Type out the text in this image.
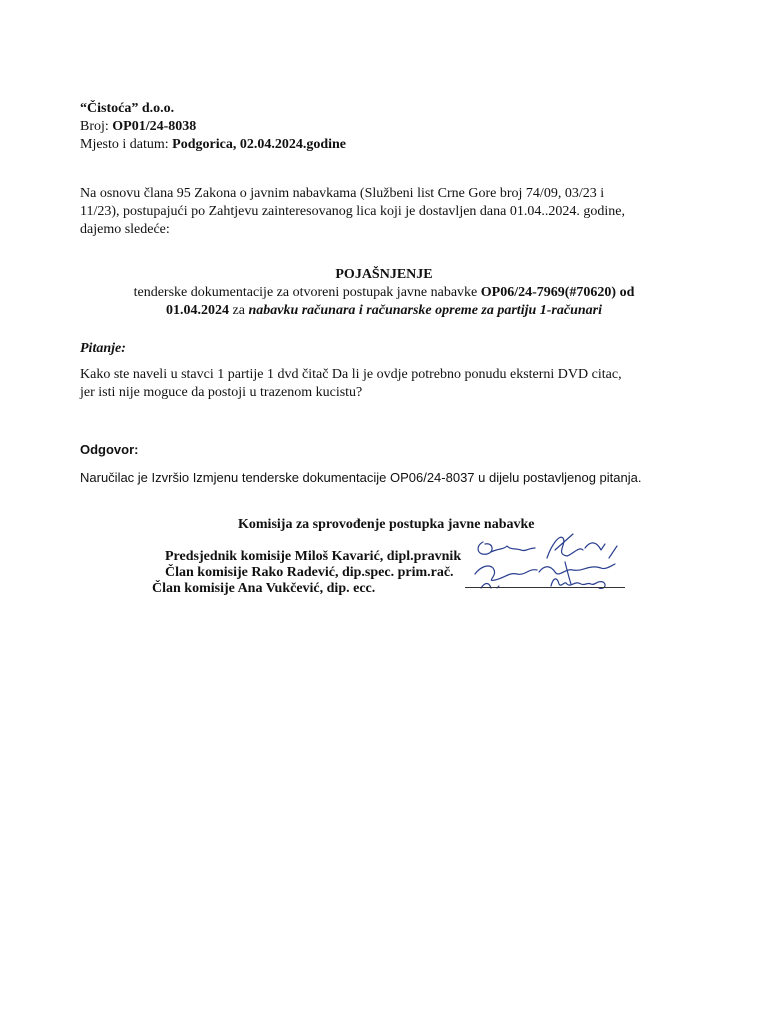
“Čistoća” d.o.o.
Broj: OP01/24-8038
Mjesto i datum: Podgorica, 02.04.2024.godine
Na osnovu člana 95 Zakona o javnim nabavkama (Službeni list Crne Gore broj 74/09, 03/23 i
11/23), postupajući po Zahtjevu zainteresovanog lica koji je dostavljen dana 01.04..2024. godine,
dajemo sledeće:
POJAŠNJENJE
tenderske dokumentacije za otvoreni postupak javne nabavke OP06/24-7969(#70620) od
01.04.2024 za nabavku računara i računarske opreme za partiju 1-računari
Pitanje:
Kako ste naveli u stavci 1 partije 1 dvd čitač Da li je ovdje potrebno ponudu eksterni DVD citac,
jer isti nije moguce da postoji u trazenom kucistu?
Odgovor:
Naručilac je Izvršio Izmjenu tenderske dokumentacije OP06/24-8037 u dijelu postavljenog pitanja.
Komisija za sprovođenje postupka javne nabavke
Predsjednik komisije Miloš Kavarić, dipl.pravnik
Član komisije Rako Radević, dip.spec. prim.rač.
Član komisije Ana Vukčević, dip. ecc.
